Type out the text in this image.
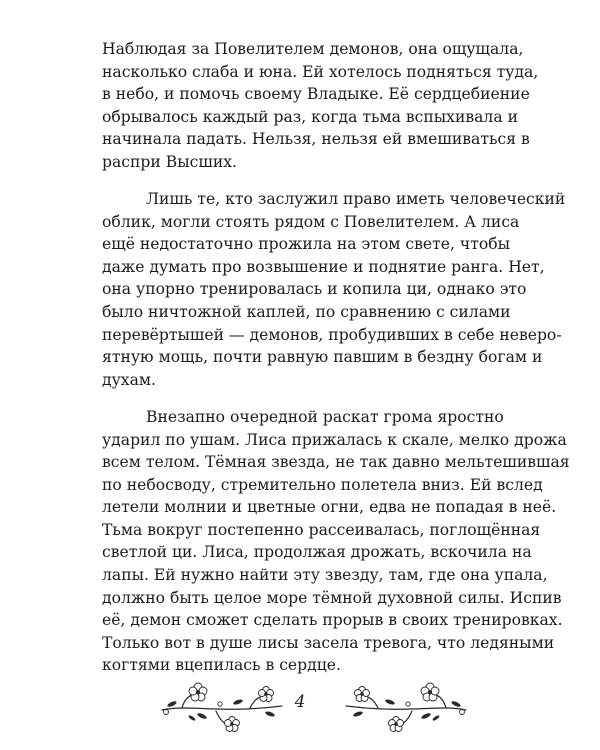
Наблюдая за Повелителем демонов, она ощущала,
насколько слаба и юна. Ей хотелось подняться туда,
в небо, и помочь своему Владыке. Её сердцебиение
обрывалось каждый раз, когда тьма вспыхивала и
начинала падать. Нельзя, нельзя ей вмешиваться в
распри Высших.

Лишь те, кто заслужил право иметь человеческий
облик, могли стоять рядом с Повелителем. А лиса
ещё недостаточно прожила на этом свете, чтобы
даже думать про возвышение и поднятие ранга. Нет,
она упорно тренировалась и копила ци, однако это
было ничтожной каплей, по сравнению с силами
перевёртышей — демонов, пробудивших в себе неверо-
ятную мощь, почти равную павшим в бездну богам и
духам.

Внезапно очередной раскат грома яростно
ударил по ушам. Лиса прижалась к скале, мелко дрожа
всем телом. Тёмная звезда, не так давно мельтешившая
по небосводу, стремительно полетела вниз. Ей вслед
летели молнии и цветные огни, едва не попадая в неё.
Тьма вокруг постепенно рассеивалась, поглощённая
светлой ци. Лиса, продолжая дрожать, вскочила на
лапы. Ей нужно найти эту звезду, там, где она упала,
должно быть целое море тёмной духовной силы. Испив
её, демон сможет сделать прорыв в своих тренировках.
Только вот в душе лисы засела тревога, что ледяными
когтями вцепилась в сердце.

4
